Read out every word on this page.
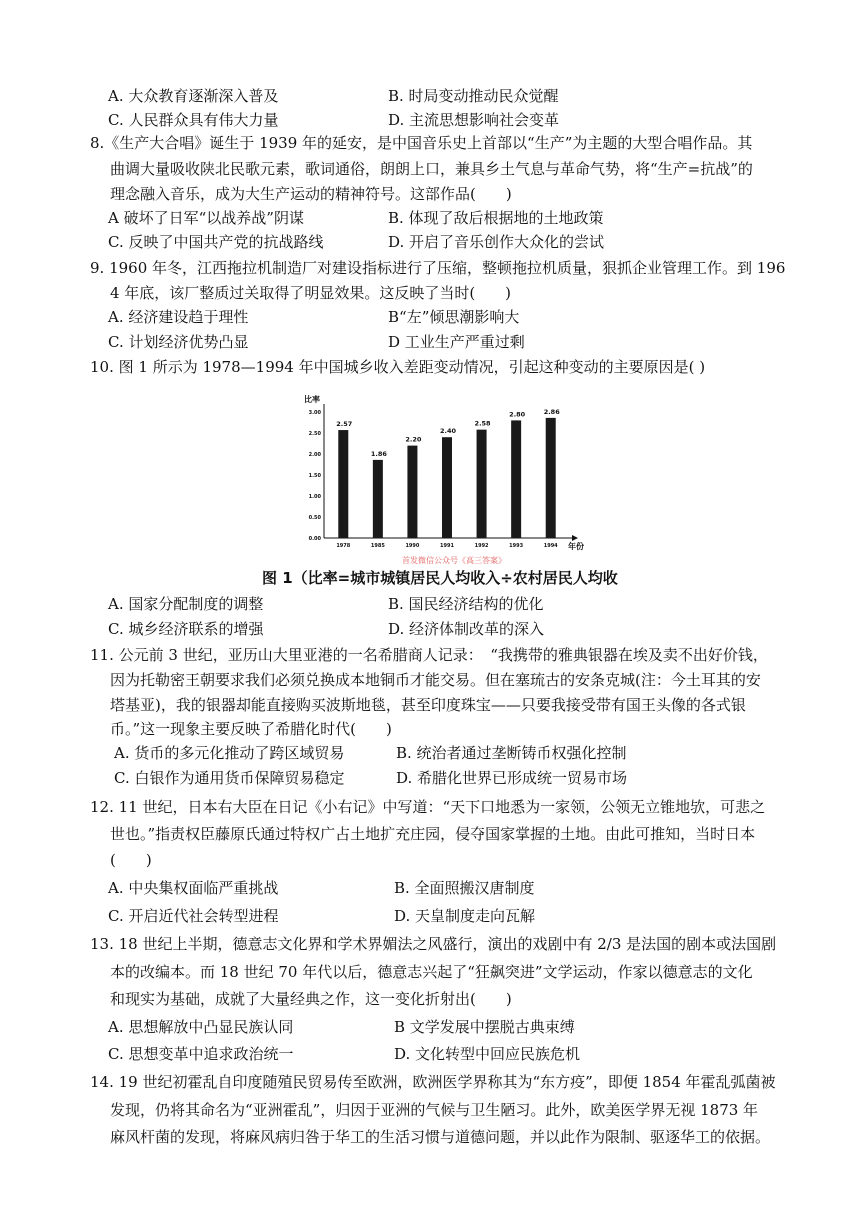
A. 大众教育逐渐深入普及	B. 时局变动推动民众觉醒
C. 人民群众具有伟大力量	D. 主流思想影响社会变革
8.《生产大合唱》诞生于 1939 年的延安，是中国音乐史上首部以“生产”为主题的大型合唱作品。其
曲调大量吸收陕北民歌元素，歌词通俗，朗朗上口，兼具乡土气息与革命气势，将“生产=抗战”的
理念融入音乐，成为大生产运动的精神符号。这部作品(　　)
A 破坏了日军“以战养战”阴谋	B. 体现了敌后根据地的土地政策
C. 反映了中国共产党的抗战路线	D. 开启了音乐创作大众化的尝试
9. 1960 年冬，江西拖拉机制造厂对建设指标进行了压缩，整顿拖拉机质量，狠抓企业管理工作。到 196
4 年底，该厂整质过关取得了明显效果。这反映了当时(　　)
A. 经济建设趋于理性	B“左”倾思潮影响大
C. 计划经济优势凸显	D 工业生产严重过剩
10. 图 1 所示为 1978—1994 年中国城乡收入差距变动情况，引起这种变动的主要原因是( )
比率
年份
0.00
0.50
1.00
1.50
2.00
2.50
3.00
1978	1985	1990	1991	1992	1993	1994
2.57
1.86
2.20
2.40
2.58
2.80	2.86
首发微信公众号《高三答案》
图 1（比率=城市城镇居民人均收入÷农村居民人均收
A. 国家分配制度的调整	B. 国民经济结构的优化
C. 城乡经济联系的增强	D. 经济体制改革的深入
11. 公元前 3 世纪，亚历山大里亚港的一名希腊商人记录：　“我携带的雅典银器在埃及卖不出好价钱，
因为托勒密王朝要求我们必须兑换成本地铜币才能交易。但在塞琉古的安条克城(注：今土耳其的安
塔基亚)，我的银器却能直接购买波斯地毯，甚至印度珠宝——只要我接受带有国王头像的各式银
币。”这一现象主要反映了希腊化时代(　　)
A. 货币的多元化推动了跨区域贸易	B. 统治者通过垄断铸币权强化控制
C. 白银作为通用货币保障贸易稳定	D. 希腊化世界已形成统一贸易市场
12. 11 世纪，日本右大臣在日记《小右记》中写道：“天下口地悉为一家领，公领无立锥地欤，可悲之
世也。”指责权臣藤原氏通过特权广占土地扩充庄园，侵夺国家掌握的土地。由此可推知，当时日本
(　　)
A. 中央集权面临严重挑战	B. 全面照搬汉唐制度
C. 开启近代社会转型进程	D. 天皇制度走向瓦解
13. 18 世纪上半期，德意志文化界和学术界媚法之风盛行，演出的戏剧中有 2/3 是法国的剧本或法国剧
本的改编本。而 18 世纪 70 年代以后，德意志兴起了“狂飙突进”文学运动，作家以德意志的文化
和现实为基础，成就了大量经典之作，这一变化折射出(　　)
A. 思想解放中凸显民族认同	B 文学发展中摆脱古典束缚
C. 思想变革中追求政治统一	D. 文化转型中回应民族危机
14. 19 世纪初霍乱自印度随殖民贸易传至欧洲，欧洲医学界称其为“东方疫”，即便 1854 年霍乱弧菌被
发现，仍将其命名为“亚洲霍乱”，归因于亚洲的气候与卫生陋习。此外，欧美医学界无视 1873 年
麻风杆菌的发现，将麻风病归咎于华工的生活习惯与道德问题，并以此作为限制、驱逐华工的依据。
